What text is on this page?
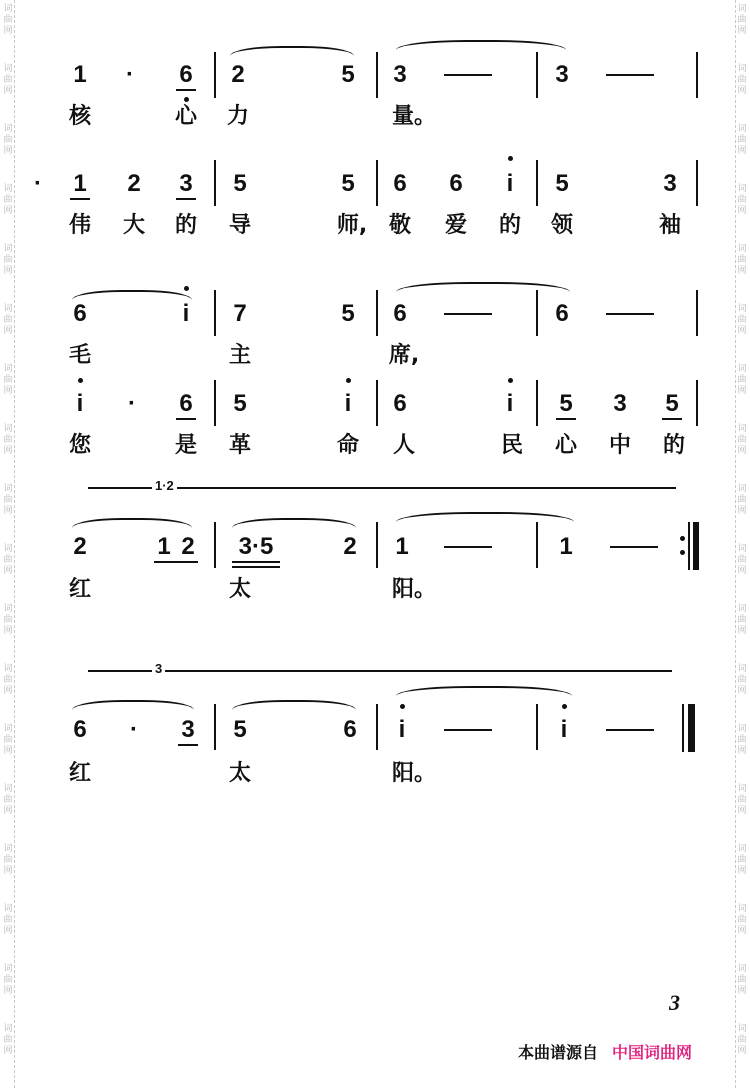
词
曲
网
词
曲
网
词
曲
网
词
曲
网
词
曲
网
词
曲
网
词
曲
网
词
曲
网
词
曲
网
词
曲
网
词
曲
网
词
曲
网
词
曲
网
词
曲
网
词
曲
网
词
曲
网
词
曲
网
词
曲
网
词
曲
网
词
曲
网
词
曲
网
词
曲
网
词
曲
网
词
曲
网
词
曲
网
词
曲
网
词
曲
网
词
曲
网
词
曲
网
词
曲
网
词
曲
网
词
曲
网
词
曲
网
词
曲
网
词
曲
网
词
曲
网
1 · 6 2	5 3	3
核	心 力	量。
· 1 2 3 5	5 6 6 i 5	3
伟 大 的 导	师, 敬 爱 的 领	袖
6	i 7	5 6	6
毛	主	席,
i · 6 5	i 6	i 5 3 5
您	是 革	命 人	民 心 中 的
1·2
2	1 2 3·5	2 1	1
红	太	阳。
3
6 · 3 5	6 i	i
红	太	阳。
3
本曲谱源自 中国词曲网
